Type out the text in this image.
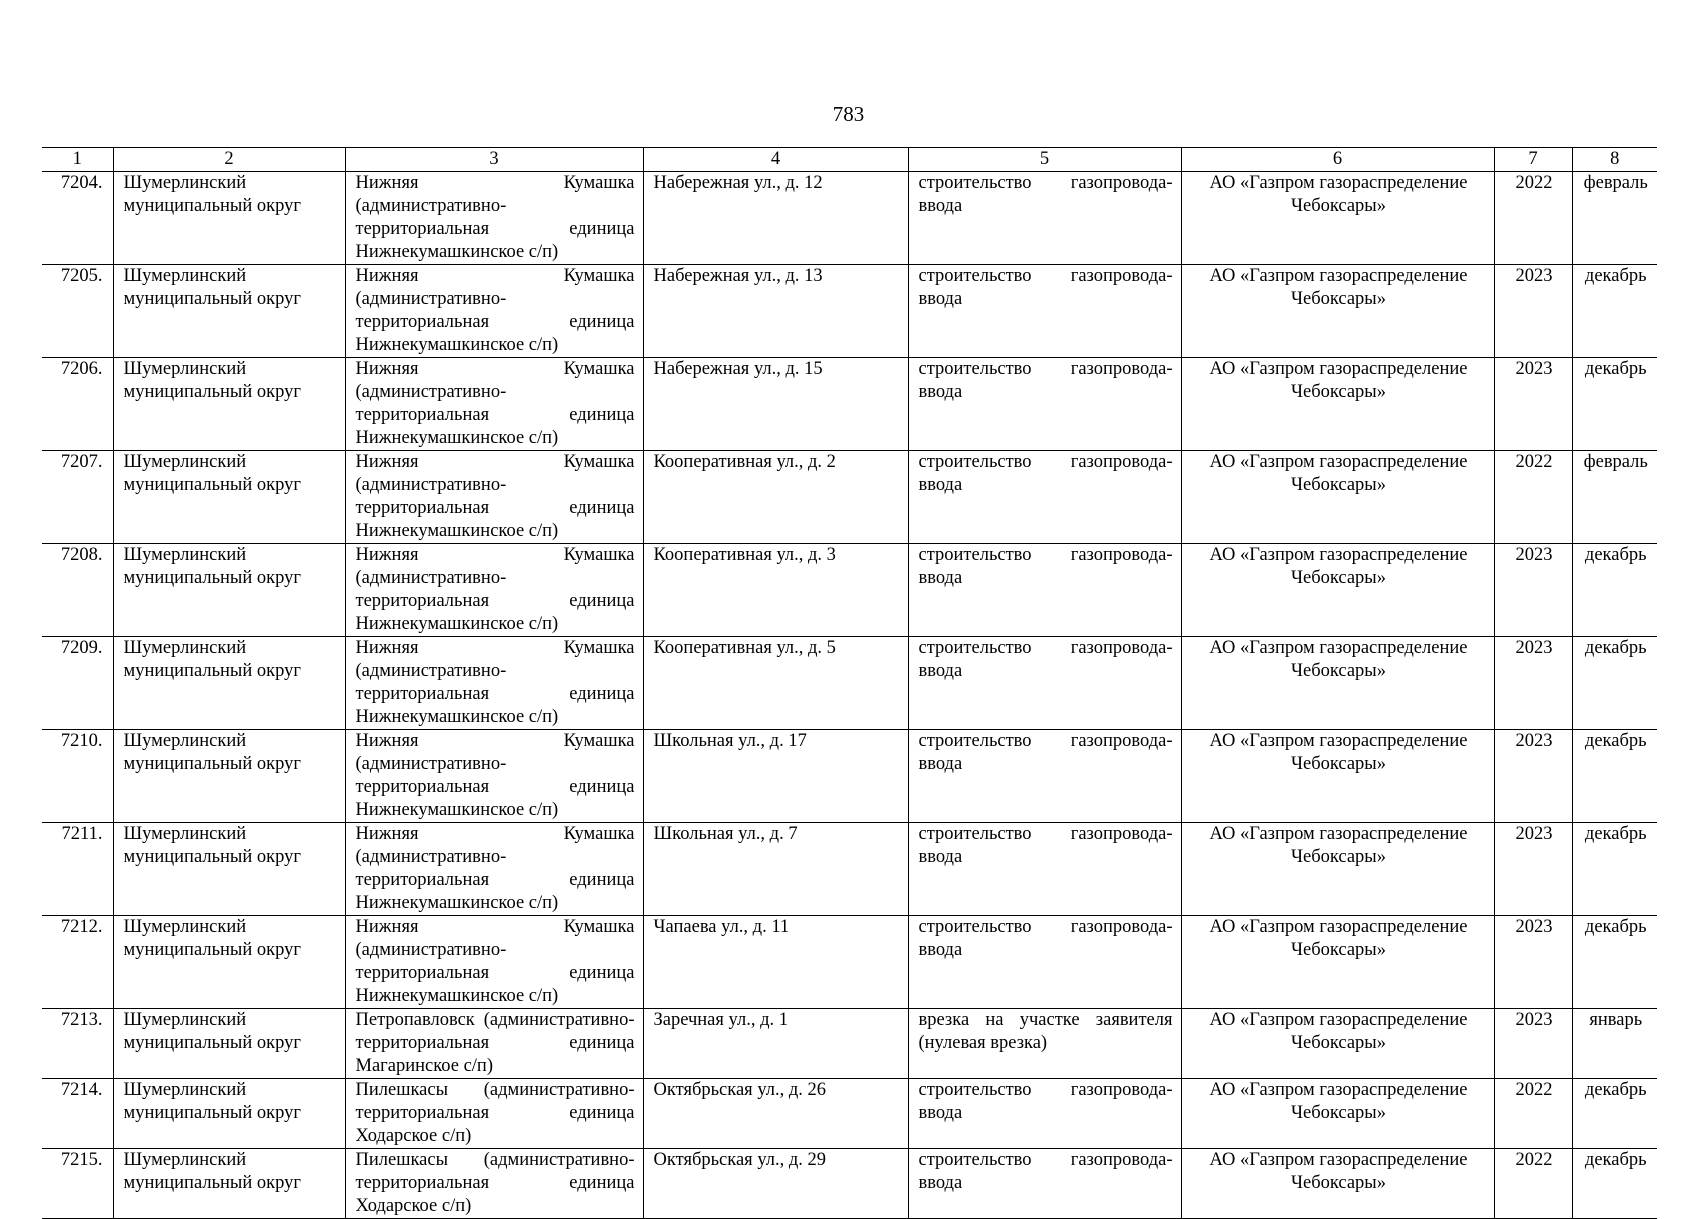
783
1	2	3	4	5	6	7	8
7204.	Шумерлинский муниципальный округ	Нижняя Кумашка (административно-территориальная единица Нижнекумашкинское с/п)	Набережная ул., д. 12	строительство газопровода-ввода	АО «Газпром газораспределение Чебоксары»	2022	февраль
7205.	Шумерлинский муниципальный округ	Нижняя Кумашка (административно-территориальная единица Нижнекумашкинское с/п)	Набережная ул., д. 13	строительство газопровода-ввода	АО «Газпром газораспределение Чебоксары»	2023	декабрь
7206.	Шумерлинский муниципальный округ	Нижняя Кумашка (административно-территориальная единица Нижнекумашкинское с/п)	Набережная ул., д. 15	строительство газопровода-ввода	АО «Газпром газораспределение Чебоксары»	2023	декабрь
7207.	Шумерлинский муниципальный округ	Нижняя Кумашка (административно-территориальная единица Нижнекумашкинское с/п)	Кооперативная ул., д. 2	строительство газопровода-ввода	АО «Газпром газораспределение Чебоксары»	2022	февраль
7208.	Шумерлинский муниципальный округ	Нижняя Кумашка (административно-территориальная единица Нижнекумашкинское с/п)	Кооперативная ул., д. 3	строительство газопровода-ввода	АО «Газпром газораспределение Чебоксары»	2023	декабрь
7209.	Шумерлинский муниципальный округ	Нижняя Кумашка (административно-территориальная единица Нижнекумашкинское с/п)	Кооперативная ул., д. 5	строительство газопровода-ввода	АО «Газпром газораспределение Чебоксары»	2023	декабрь
7210.	Шумерлинский муниципальный округ	Нижняя Кумашка (административно-территориальная единица Нижнекумашкинское с/п)	Школьная ул., д. 17	строительство газопровода-ввода	АО «Газпром газораспределение Чебоксары»	2023	декабрь
7211.	Шумерлинский муниципальный округ	Нижняя Кумашка (административно-территориальная единица Нижнекумашкинское с/п)	Школьная ул., д. 7	строительство газопровода-ввода	АО «Газпром газораспределение Чебоксары»	2023	декабрь
7212.	Шумерлинский муниципальный округ	Нижняя Кумашка (административно-территориальная единица Нижнекумашкинское с/п)	Чапаева ул., д. 11	строительство газопровода-ввода	АО «Газпром газораспределение Чебоксары»	2023	декабрь
7213.	Шумерлинский муниципальный округ	Петропавловск (административно-территориальная единица Магаринское с/п)	Заречная ул., д. 1	врезка на участке заявителя (нулевая врезка)	АО «Газпром газораспределение Чебоксары»	2023	январь
7214.	Шумерлинский муниципальный округ	Пилешкасы (административно-территориальная единица Ходарское с/п)	Октябрьская ул., д. 26	строительство газопровода-ввода	АО «Газпром газораспределение Чебоксары»	2022	декабрь
7215.	Шумерлинский муниципальный округ	Пилешкасы (административно-территориальная единица Ходарское с/п)	Октябрьская ул., д. 29	строительство газопровода-ввода	АО «Газпром газораспределение Чебоксары»	2022	декабрь
